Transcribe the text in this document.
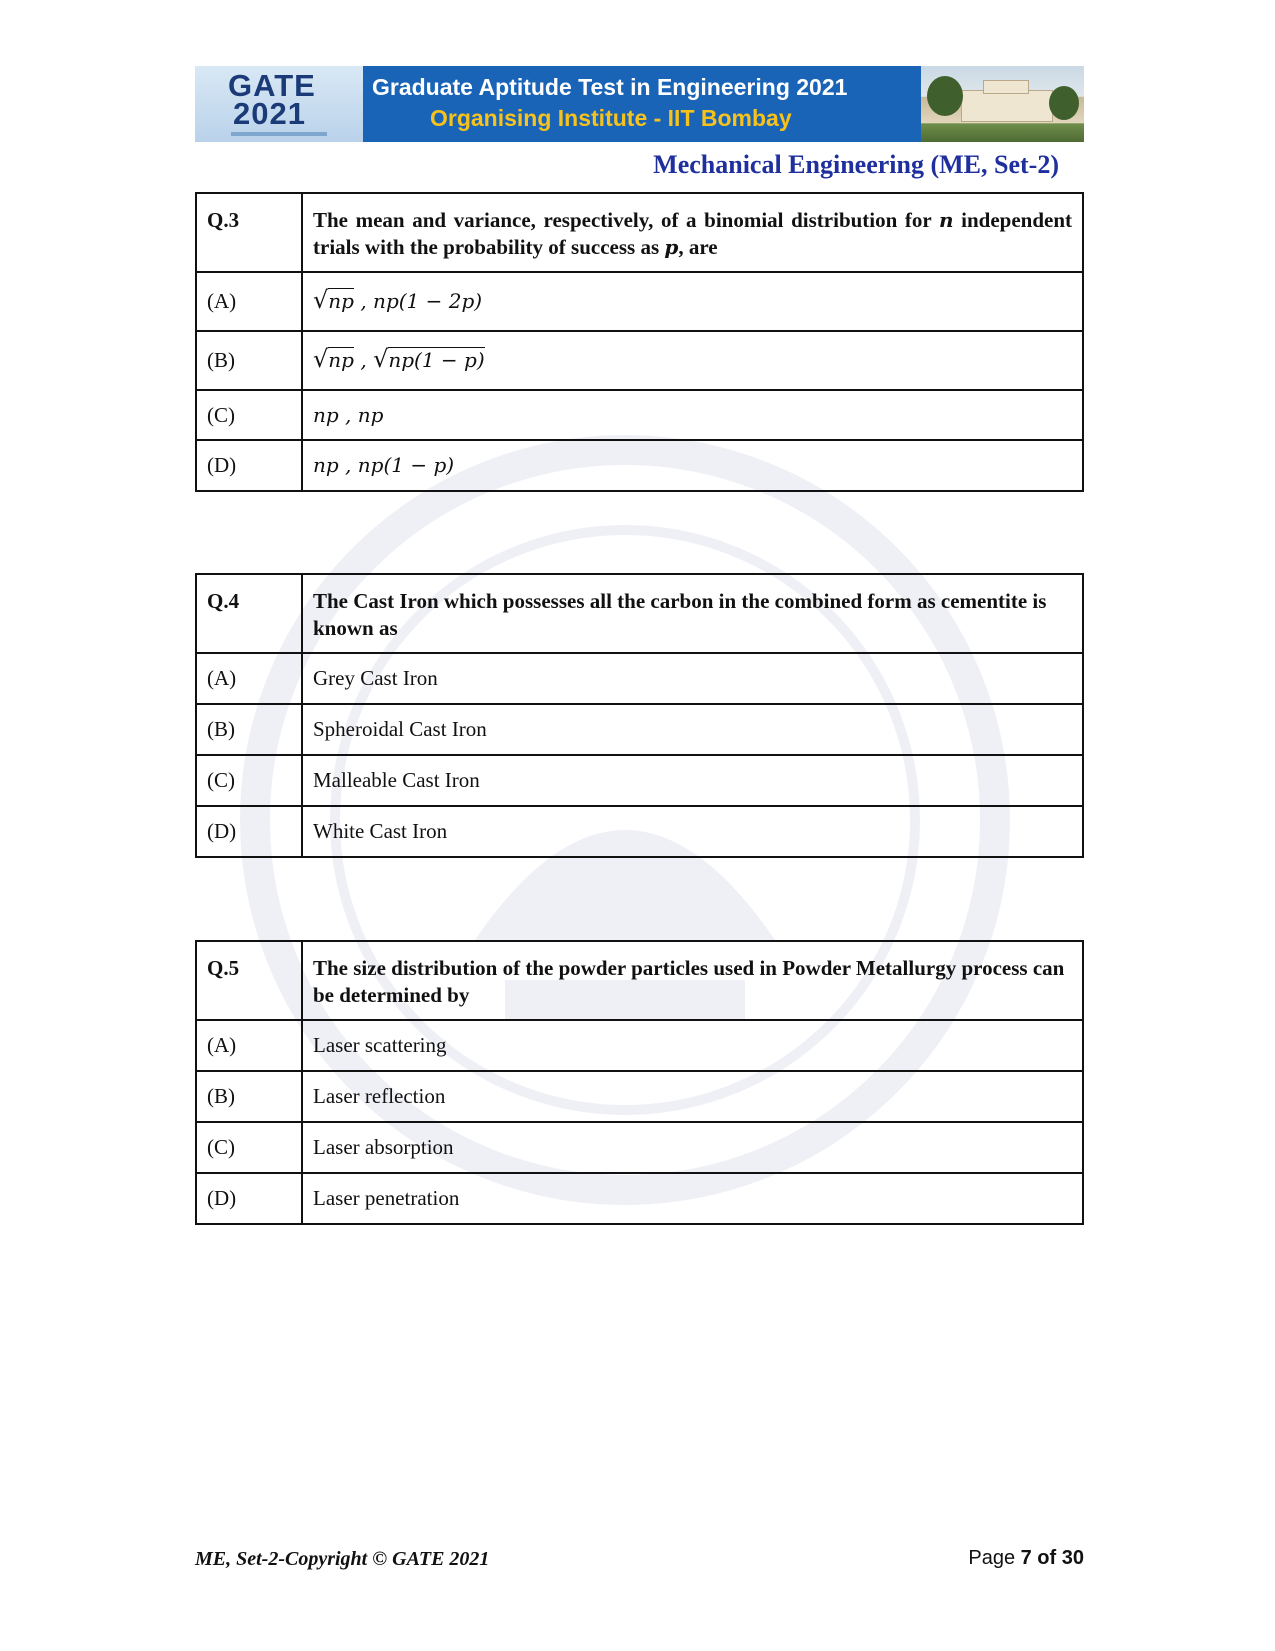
GATE
2021
Graduate Aptitude Test in Engineering 2021
Organising Institute - IIT Bombay
Mechanical Engineering (ME, Set-2)
Q.3	The mean and variance, respectively, of a binomial distribution for n independent trials with the probability of success as p, are
(A)	√ np , np(1 − 2p)
(B)	√ np , √ np(1 − p)

(C)	np , np
(D)	np , np(1 − p)
Q.4	The Cast Iron which possesses all the carbon in the combined form as cementite is known as
(A)	Grey Cast Iron
(B)	Spheroidal Cast Iron
(C)	Malleable Cast Iron
(D)	White Cast Iron
Q.5	The size distribution of the powder particles used in Powder Metallurgy process can be determined by
(A)	Laser scattering
(B)	Laser reflection
(C)	Laser absorption
(D)	Laser penetration
ME, Set-2-Copyright © GATE 2021	Page 7 of 30
